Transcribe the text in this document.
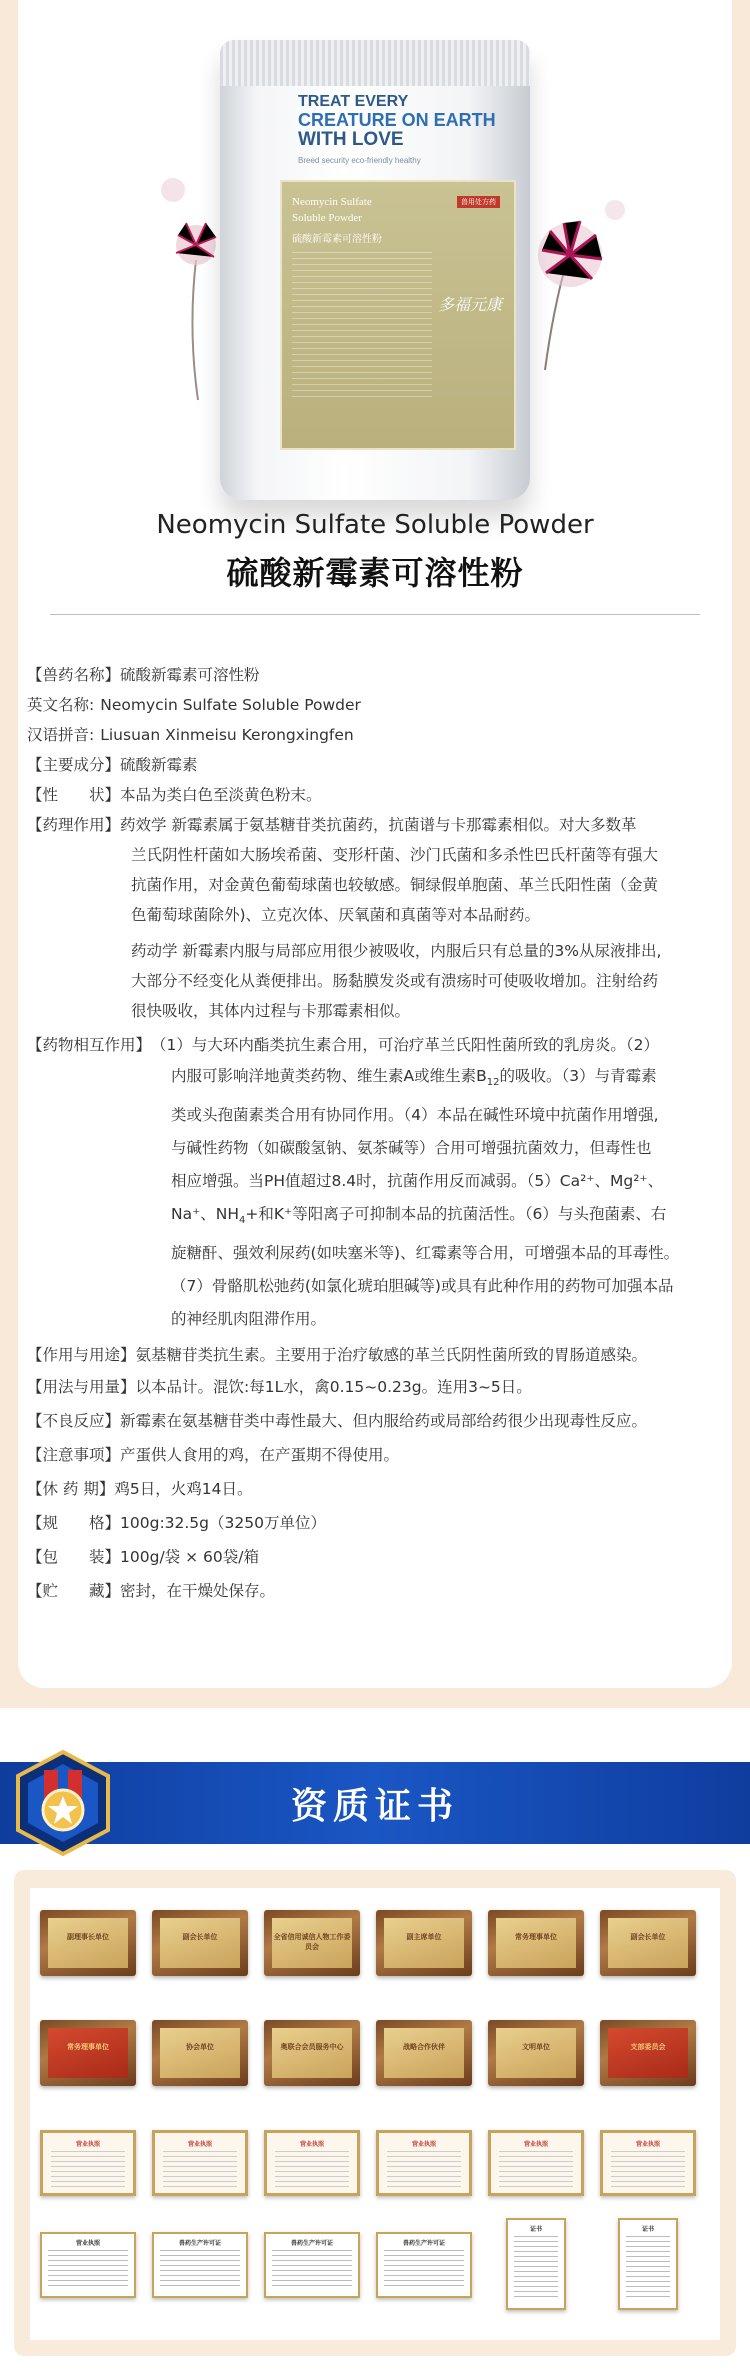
TREAT EVERY
CREATURE ON EARTH
WITH LOVE
Breed security eco-friendly healthy
兽用处方药
Neomycin Sulfate
Soluble Powder
硫酸新霉素可溶性粉
多福元康
Neomycin Sulfate Soluble Powder
硫酸新霉素可溶性粉
【兽药名称】 硫酸新霉素可溶性粉
英文名称: Neomycin Sulfate Soluble Powder
汉语拼音: Liusuan Xinmeisu Kerongxingfen
【主要成分】 硫酸新霉素
【性　　状】 本品为类白色至淡黄色粉末。
【药理作用】 药效学 新霉素属于氨基糖苷类抗菌药，抗菌谱与卡那霉素相似。对大多数革

兰氏阴性杆菌如大肠埃希菌、变形杆菌、沙门氏菌和多杀性巴氏杆菌等有强大

抗菌作用，对金黄色葡萄球菌也较敏感。铜绿假单胞菌、革兰氏阳性菌（金黄

色葡萄球菌除外)、立克次体、厌氧菌和真菌等对本品耐药。

药动学 新霉素内服与局部应用很少被吸收，内服后只有总量的3%从尿液排出,

大部分不经变化从粪便排出。肠黏膜发炎或有溃疡时可使吸收增加。注射给药

很快吸收，其体内过程与卡那霉素相似。

【药物相互作用】 （1）与大环内酯类抗生素合用，可治疗革兰氏阳性菌所致的乳房炎。（2）

内服可影响洋地黄类药物、维生素A或维生素$B_{12}$的吸收。（3）与青霉素

类或头孢菌素类合用有协同作用。（4）本品在碱性环境中抗菌作用增强,

与碱性药物（如碳酸氢钠、氨茶碱等）合用可增强抗菌效力，但毒性也

相应增强。当PH值超过8.4时，抗菌作用反而减弱。（5）Ca²⁺、Mg²⁺、

Na⁺、$NH_4+$和K⁺等阳离子可抑制本品的抗菌活性。（6）与头孢菌素、右

旋糖酐、强效利尿药(如呋塞米等)、红霉素等合用，可增强本品的耳毒性。

（7）骨骼肌松弛药(如氯化琥珀胆碱等)或具有此种作用的药物可加强本品

的神经肌肉阻滞作用。

【作用与用途】 氨基糖苷类抗生素。主要用于治疗敏感的革兰氏阴性菌所致的胃肠道感染。
【用法与用量】 以本品计。混饮:每1L水，禽0.15~0.23g。连用3~5日。
【不良反应】 新霉素在氨基糖苷类中毒性最大、但内服给药或局部给药很少出现毒性反应。
【注意事项】 产蛋供人食用的鸡，在产蛋期不得使用。
【休 药 期】 鸡5日，火鸡14日。
【规　　格】 100g:32.5g（3250万单位）
【包　　装】 100g/袋 × 60袋/箱
【贮　　藏】 密封，在干燥处保存。
资质证书
副理事长单位	副会长单位	全省信用诚信人物工作委员会
副主席单位	常务理事单位	副会长单位
常务理事单位	协会单位	奥联合会员服务中心	战略合作伙伴	文明单位	支部委员会
营业执照	营业执照	营业执照	营业执照	营业执照	营业执照
营业执照	兽药生产许可证	兽药生产许可证	兽药生产许可证
证书	证书
